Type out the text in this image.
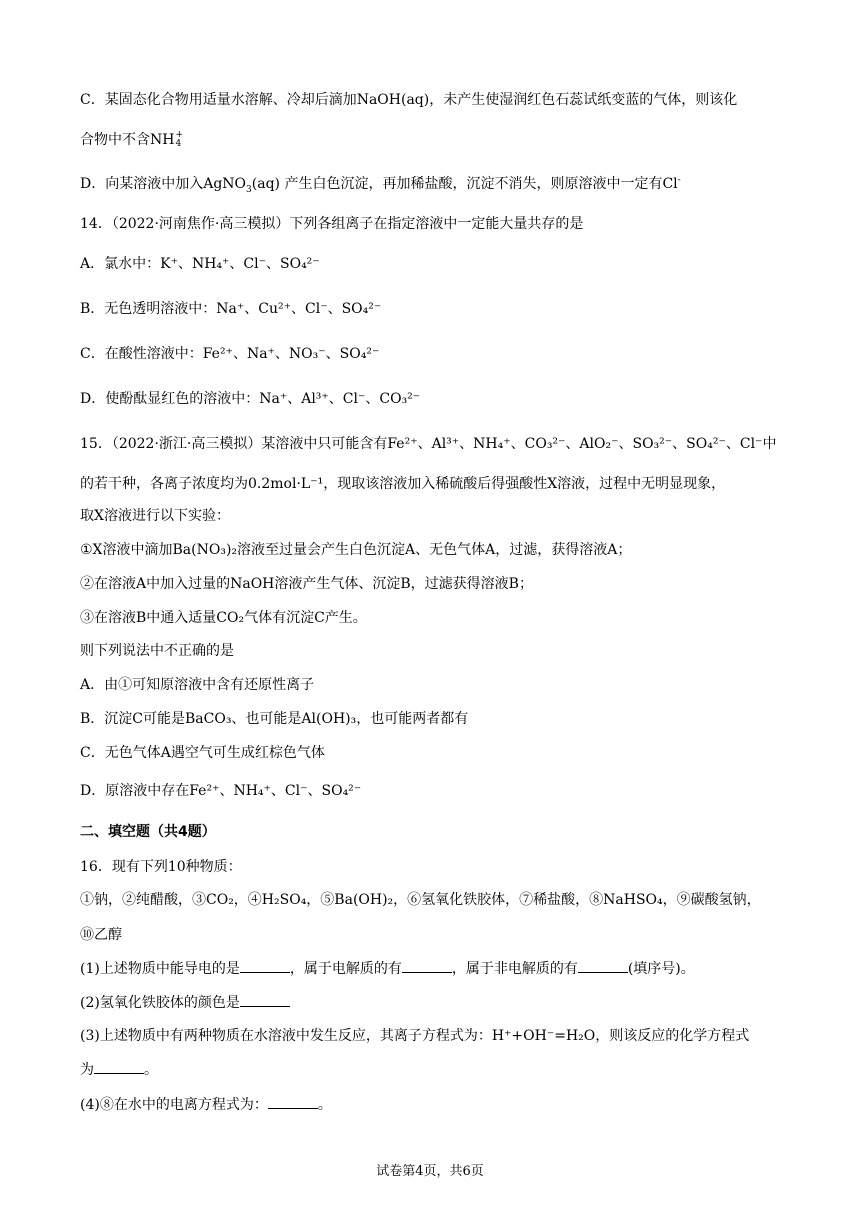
C．某固态化合物用适量水溶解、冷却后滴加NaOH(aq)，未产生使湿润红色石蕊试纸变蓝的气体，则该化
合物中不含NH +
4
D．向某溶液中加入AgNO$_3$(aq) 产生白色沉淀，再加稀盐酸，沉淀不消失，则原溶液中一定有Cl-
14．（2022·河南焦作·高三模拟）下列各组离子在指定溶液中一定能大量共存的是
A．氯水中：K⁺、NH₄⁺、Cl⁻、SO₄²⁻
B．无色透明溶液中：Na⁺、Cu²⁺、Cl⁻、SO₄²⁻
C．在酸性溶液中：Fe²⁺、Na⁺、NO₃⁻、SO₄²⁻
D．使酚酞显红色的溶液中：Na⁺、Al³⁺、Cl⁻、CO₃²⁻
15．（2022·浙江·高三模拟）某溶液中只可能含有Fe²⁺、Al³⁺、NH₄⁺、CO₃²⁻、AlO₂⁻、SO₃²⁻、SO₄²⁻、Cl⁻中
的若干种，各离子浓度均为0.2mol·L⁻¹，现取该溶液加入稀硫酸后得强酸性X溶液，过程中无明显现象，
取X溶液进行以下实验：
①X溶液中滴加Ba(NO₃)₂溶液至过量会产生白色沉淀A、无色气体A，过滤，获得溶液A；
②在溶液A中加入过量的NaOH溶液产生气体、沉淀B，过滤获得溶液B；
③在溶液B中通入适量CO₂气体有沉淀C产生。
则下列说法中不正确的是
A．由①可知原溶液中含有还原性离子
B．沉淀C可能是BaCO₃、也可能是Al(OH)₃，也可能两者都有
C．无色气体A遇空气可生成红棕色气体
D．原溶液中存在Fe²⁺、NH₄⁺、Cl⁻、SO₄²⁻
二、填空题（共4题）
16．现有下列10种物质：
①钠，②纯醋酸，③CO₂，④H₂SO₄，⑤Ba(OH)₂，⑥氢氧化铁胶体，⑦稀盐酸，⑧NaHSO₄，⑨碳酸氢钠，
⑩乙醇
(1)上述物质中能导电的是	，属于电解质的有	，属于非电解质的有	(填序号)。
(2)氢氧化铁胶体的颜色是
(3)上述物质中有两种物质在水溶液中发生反应，其离子方程式为：H⁺+OH⁻=H₂O，则该反应的化学方程式
为	。
(4)⑧在水中的电离方程式为：	。
试卷第4页，共6页
